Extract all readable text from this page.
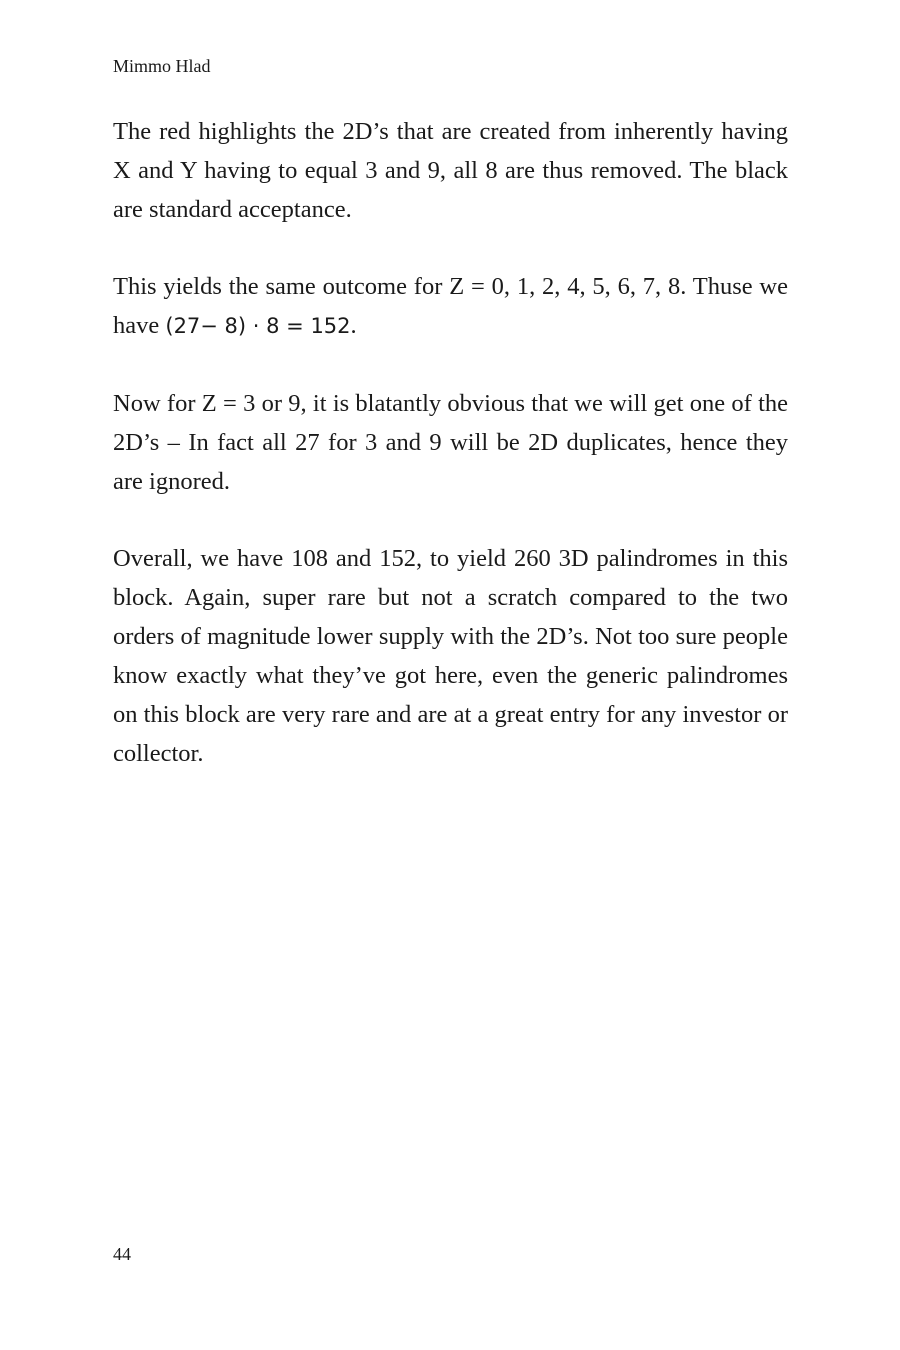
Mimmo Hlad

The red highlights the 2D’s that are created from inherently having X and Y having to equal 3 and 9, all 8 are thus removed. The black are standard acceptance.

This yields the same outcome for Z = 0, 1, 2, 4, 5, 6, 7, 8. Thuse we have (27− 8) · 8 = 152.

Now for Z = 3 or 9, it is blatantly obvious that we will get one of the 2D’s – In fact all 27 for 3 and 9 will be 2D duplicates, hence they are ignored.

Overall, we have 108 and 152, to yield 260 3D palindromes in this block. Again, super rare but not a scratch compared to the two orders of magnitude lower supply with the 2D’s. Not too sure people know exactly what they’ve got here, even the generic palindromes on this block are very rare and are at a great entry for any investor or collector.

44
